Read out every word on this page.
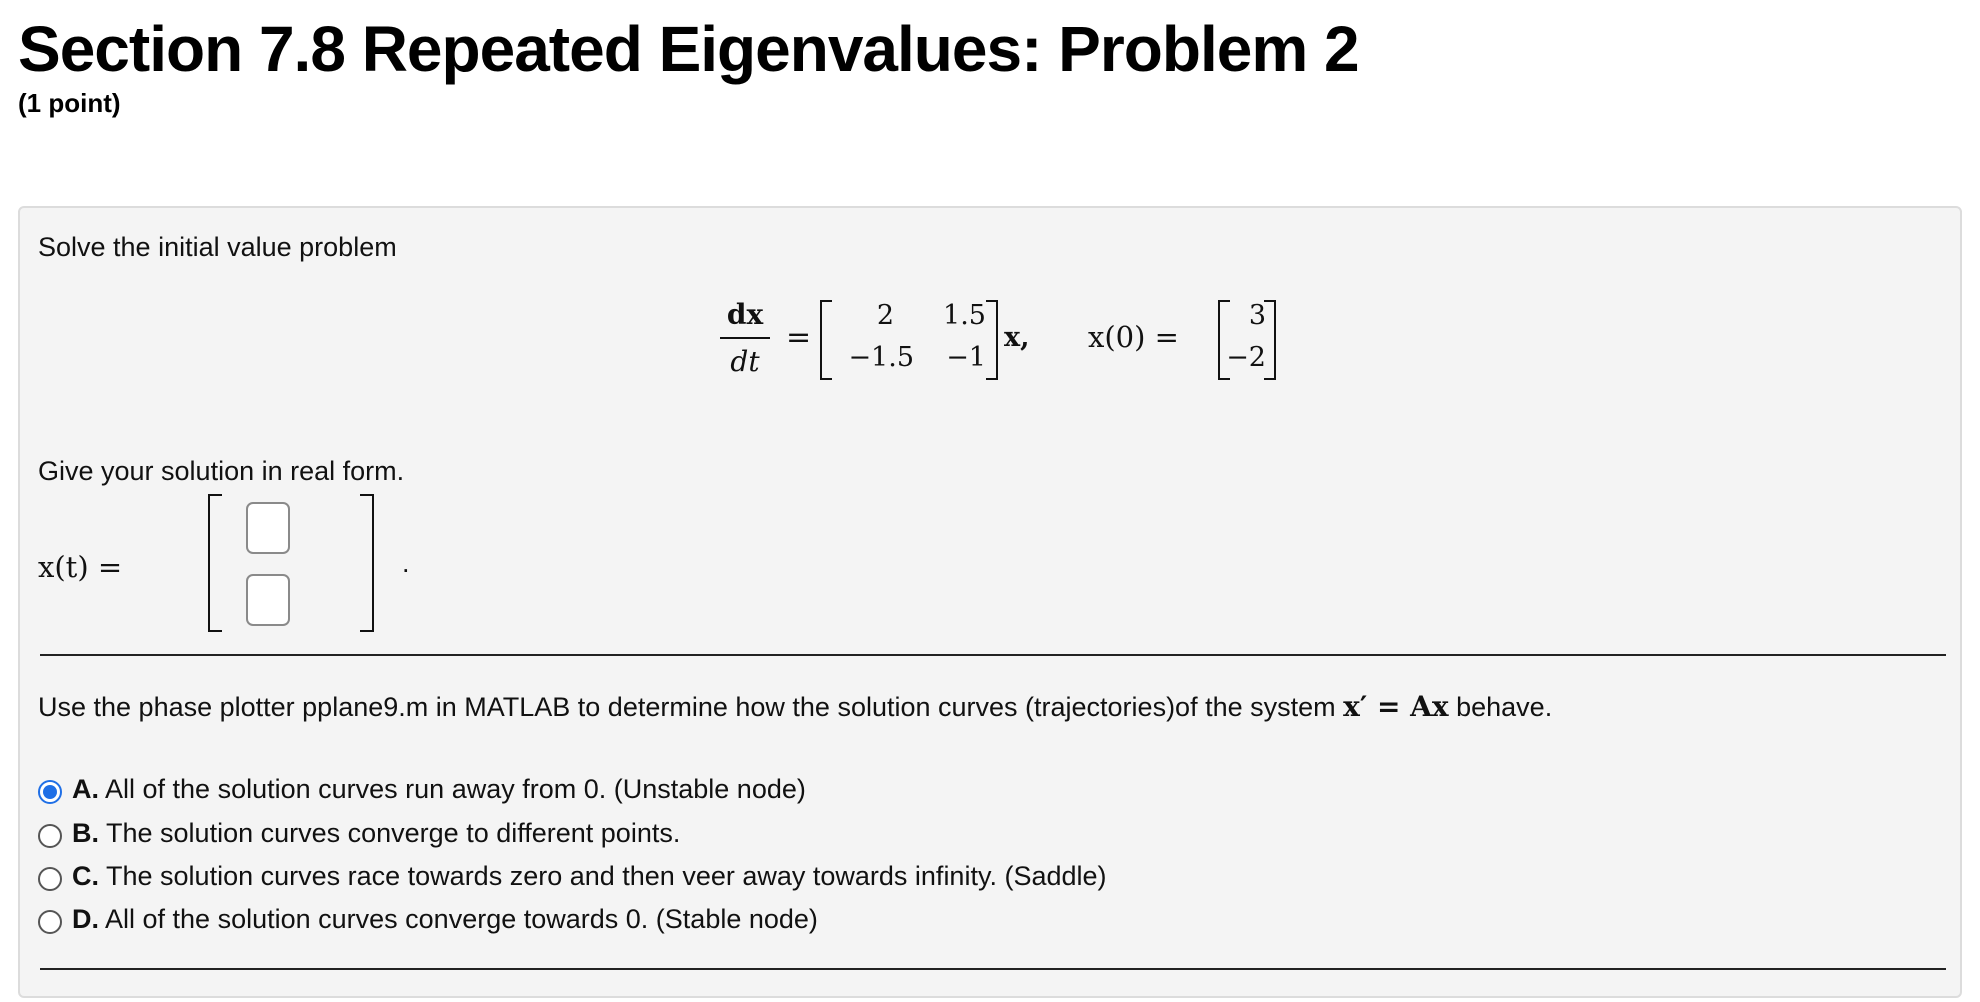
Section 7.8 Repeated Eigenvalues: Problem 2
(1 point)
Solve the initial value problem
dx
dt
=
2	1.5
−1.5	−1
x, x(0) =
3
−2
Give your solution in real form.
x(t) =	.
Use the phase plotter pplane9.m in MATLAB to determine how the solution curves (trajectories)of the system x′ = Ax behave.
A. All of the solution curves run away from 0. (Unstable node)
B. The solution curves converge to different points.
C. The solution curves race towards zero and then veer away towards infinity. (Saddle)
D. All of the solution curves converge towards 0. (Stable node)
